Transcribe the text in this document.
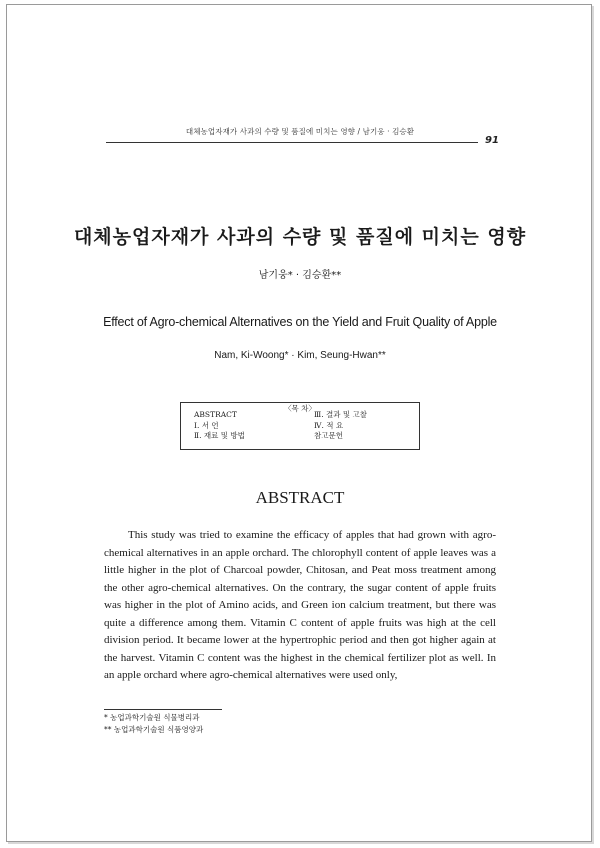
대체농업자재가 사과의 수량 및 품질에 미치는 영향 / 남기웅 · 김승환
91
대체농업자재가 사과의 수량 및 품질에 미치는 영향
남기웅* · 김승환**
Effect of Agro-chemical Alternatives on the Yield and Fruit Quality of Apple
Nam, Ki-Woong* · Kim, Seung-Hwan**
〈목 차〉
ABSTRACT
Ⅰ. 서 언
Ⅱ. 재료 및 방법
Ⅲ. 결과 및 고찰
Ⅳ. 적 요
참고문헌
ABSTRACT

This study was tried to examine the efficacy of apples that had grown with agro-chemical alternatives in an apple orchard. The chlorophyll content of apple leaves was a little higher in the plot of Charcoal powder, Chitosan, and Peat moss treatment among the other agro-chemical alternatives. On the contrary, the sugar content of apple fruits was higher in the plot of Amino acids, and Green ion calcium treatment, but there was quite a difference among them. Vitamin C content of apple fruits was high at the cell division period. It became lower at the hypertrophic period and then got higher again at the harvest. Vitamin C content was the highest in the chemical fertilizer plot as well. In an apple orchard where agro-chemical alternatives were used only,

* 농업과학기술원 식물병리과
** 농업과학기술원 식품영양과
